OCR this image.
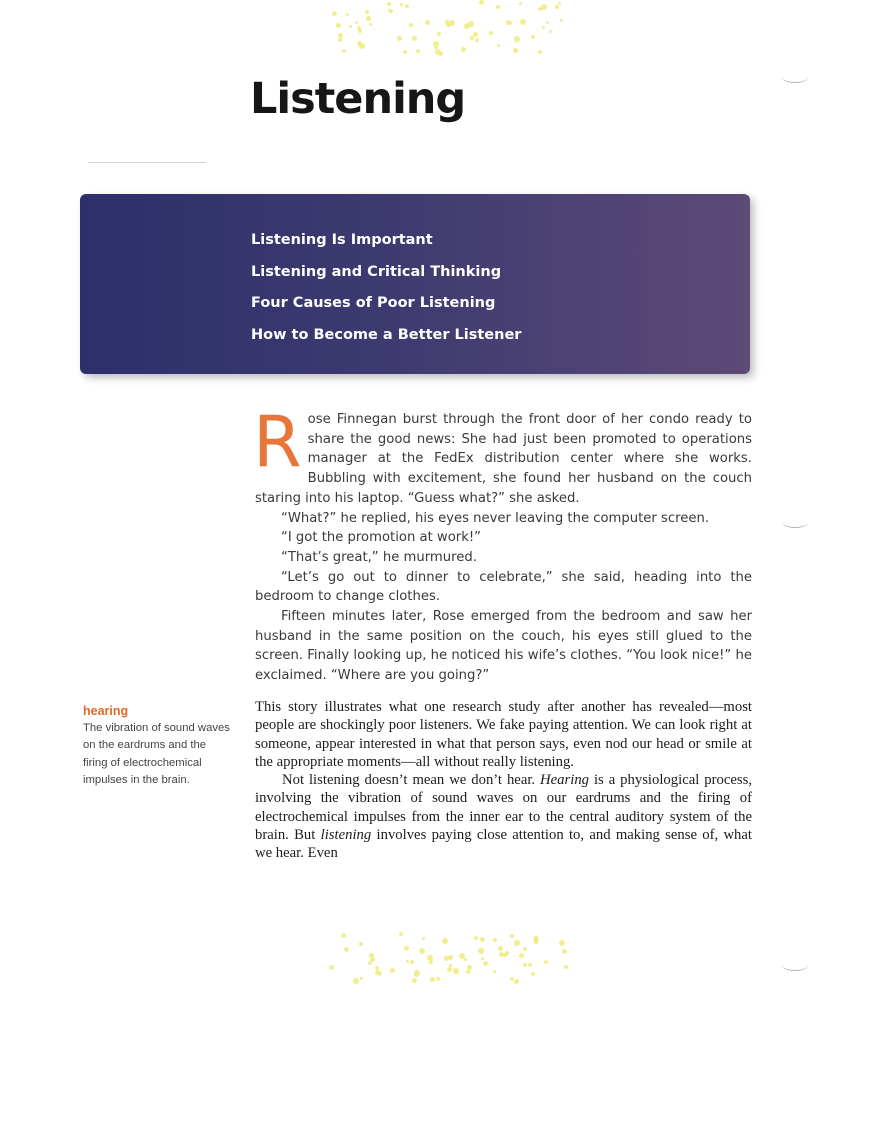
Listening
Listening Is Important
Listening and Critical Thinking
Four Causes of Poor Listening
How to Become a Better Listener

Rose Finnegan burst through the front door of her condo ready to share the good news: She had just been promoted to operations manager at the FedEx distribution center where she works. Bubbling with excitement, she found her husband on the couch staring into his laptop. “Guess what?” she asked.

“What?” he replied, his eyes never leaving the computer screen.

“I got the promotion at work!”

“That’s great,” he murmured.

“Let’s go out to dinner to celebrate,” she said, heading into the bedroom to change clothes.

Fifteen minutes later, Rose emerged from the bedroom and saw her husband in the same position on the couch, his eyes still glued to the screen. Finally looking up, he noticed his wife’s clothes. “You look nice!” he exclaimed. “Where are you going?”

hearing
The vibration of sound waves on the eardrums and the firing of electrochemical impulses in the brain.

This story illustrates what one research study after another has revealed—most people are shockingly poor listeners. We fake paying attention. We can look right at someone, appear interested in what that person says, even nod our head or smile at the appropriate moments—all without really listening.

Not listening doesn’t mean we don’t hear. Hearing is a physiological process, involving the vibration of sound waves on our eardrums and the firing of electrochemical impulses from the inner ear to the central auditory system of the brain. But listening involves paying close attention to, and making sense of, what we hear. Even
